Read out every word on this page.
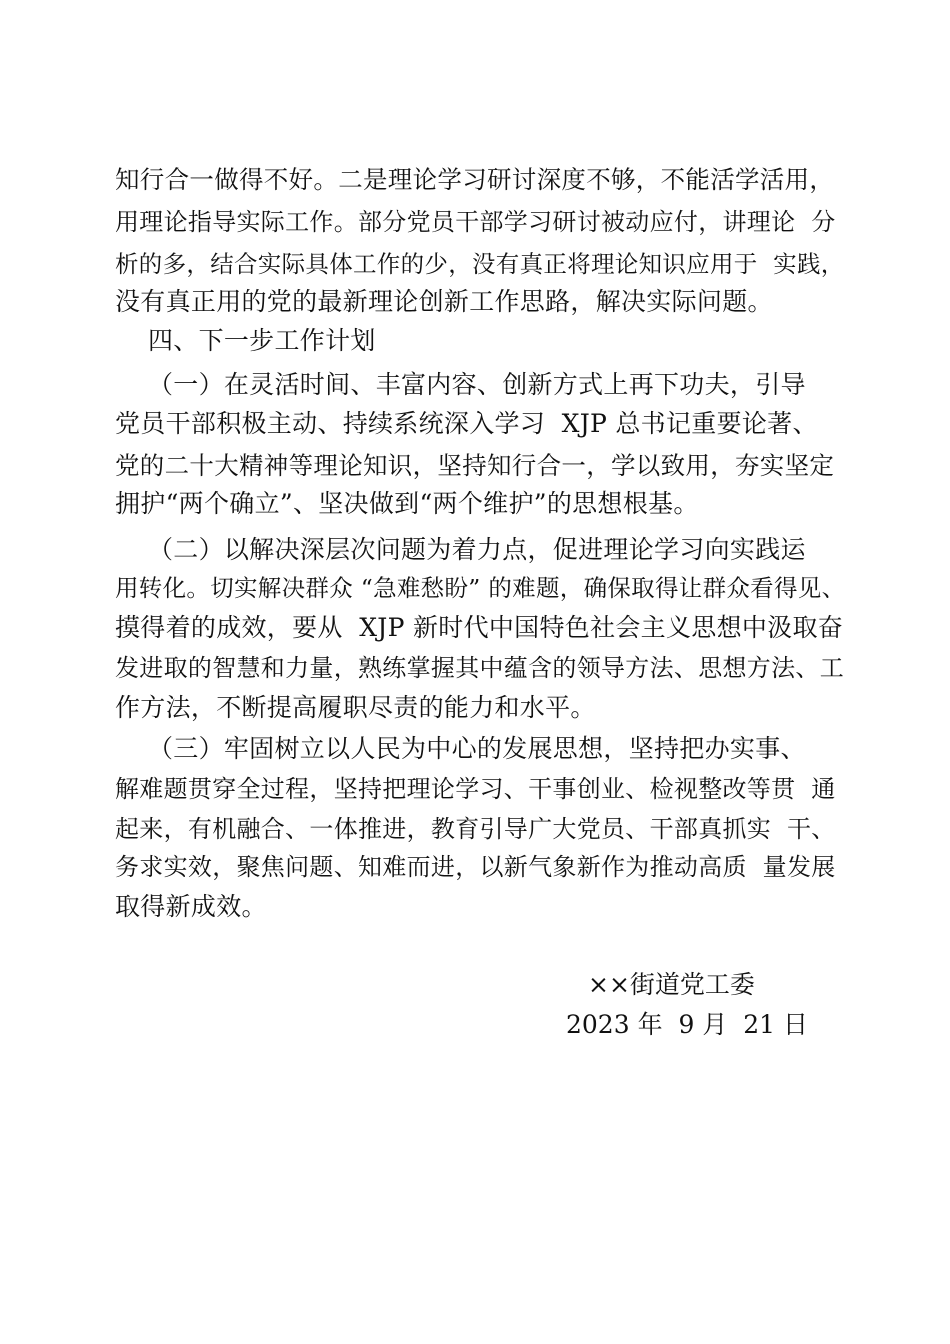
知行合一做得不好。二是理论学习研讨深度不够，不能活学活用，
用理论指导实际工作。部分党员干部学习研讨被动应付，讲理论  分
析的多，结合实际具体工作的少，没有真正将理论知识应用于  实践，
没有真正用的党的最新理论创新工作思路，解决实际问题。
四、下一步工作计划
（一）在灵活时间、丰富内容、创新方式上再下功夫，引导
党员干部积极主动、持续系统深入学习  XJP 总书记重要论著、
党的二十大精神等理论知识，坚持知行合一，学以致用，夯实坚定
拥护“两个确立”、坚决做到“两个维护”的思想根基。
（二）以解决深层次问题为着力点，促进理论学习向实践运
用转化。切实解决群众 “急难愁盼” 的难题，确保取得让群众看得见、
摸得着的成效，要从  XJP 新时代中国特色社会主义思想中汲取奋
发进取的智慧和力量，熟练掌握其中蕴含的领导方法、思想方法、工
作方法，不断提高履职尽责的能力和水平。
（三）牢固树立以人民为中心的发展思想，坚持把办实事、
解难题贯穿全过程，坚持把理论学习、干事创业、检视整改等贯  通
起来，有机融合、一体推进，教育引导广大党员、干部真抓实  干、
务求实效，聚焦问题、知难而进，以新气象新作为推动高质  量发展
取得新成效。
××街道党工委
2023 年  9 月  21 日
